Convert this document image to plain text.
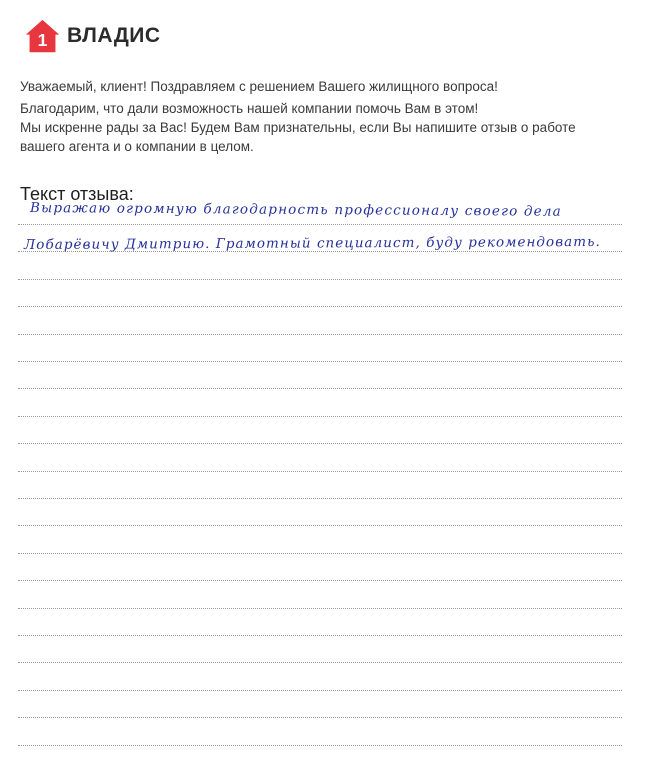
1 ВЛАДИС

Уважаемый, клиент! Поздравляем с решением Вашего жилищного вопроса!

Благодарим, что дали возможность нашей компании помочь Вам в этом!

Мы искренне рады за Вас! Будем Вам признательны, если Вы напишите отзыв о работе

вашего агента и о компании в целом.

Текст отзыва:
Выражаю огромную благодарность профессионалу своего дела
Лобарёвичу Дмитрию. Грамотный специалист, буду рекомендовать.
